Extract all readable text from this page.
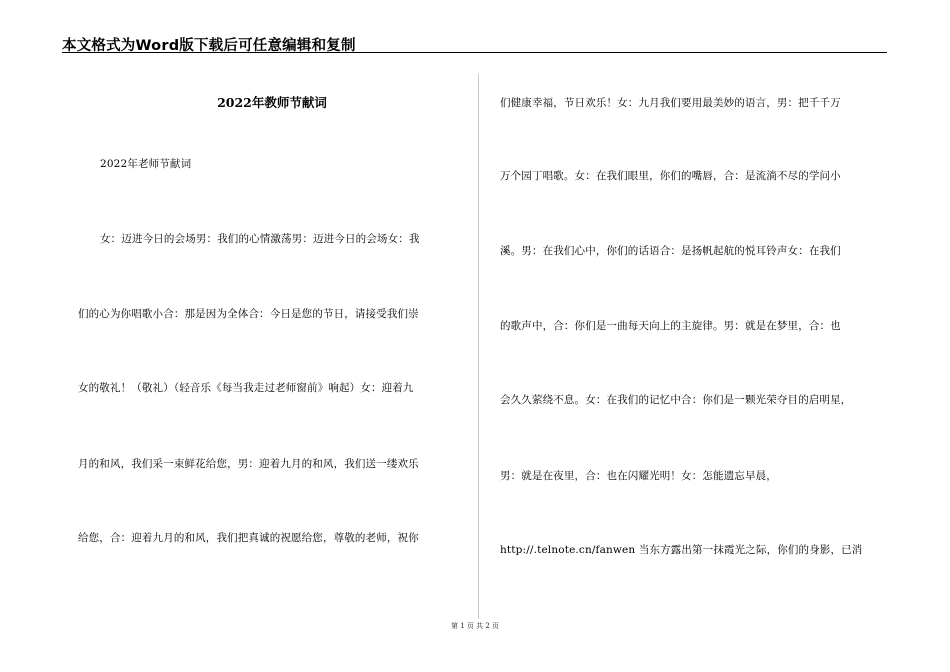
本文格式为Word版下载后可任意编辑和复制
2022年教师节献词
2022年老师节献词
女：迈进今日的会场男：我们的心情激荡男：迈进今日的会场女：我
们的心为你唱歌小合：那是因为全体合：今日是您的节日，请接受我们崇
女的敬礼！（敬礼）（轻音乐《每当我走过老师窗前》响起）女：迎着九
月的和风，我们采一束鲜花给您，男：迎着九月的和风，我们送一缕欢乐
给您，合：迎着九月的和风，我们把真诚的祝愿给您，尊敬的老师，祝你
们健康幸福，节日欢乐！女：九月我们要用最美妙的语言，男：把千千万
万个园丁唱歌。女：在我们眼里，你们的嘴唇，合：是流淌不尽的学问小
溪。男：在我们心中，你们的话语合：是扬帆起航的悦耳铃声女：在我们
的歌声中，合：你们是一曲每天向上的主旋律。男：就是在梦里，合：也
会久久萦绕不息。女：在我们的记忆中合：你们是一颗光荣夺目的启明星，
男：就是在夜里，合：也在闪耀光明！女：怎能遗忘早晨，
http://.telnote.cn/fanwen 当东方露出第一抹霞光之际，你们的身影，已消
第 1 页 共 2 页
